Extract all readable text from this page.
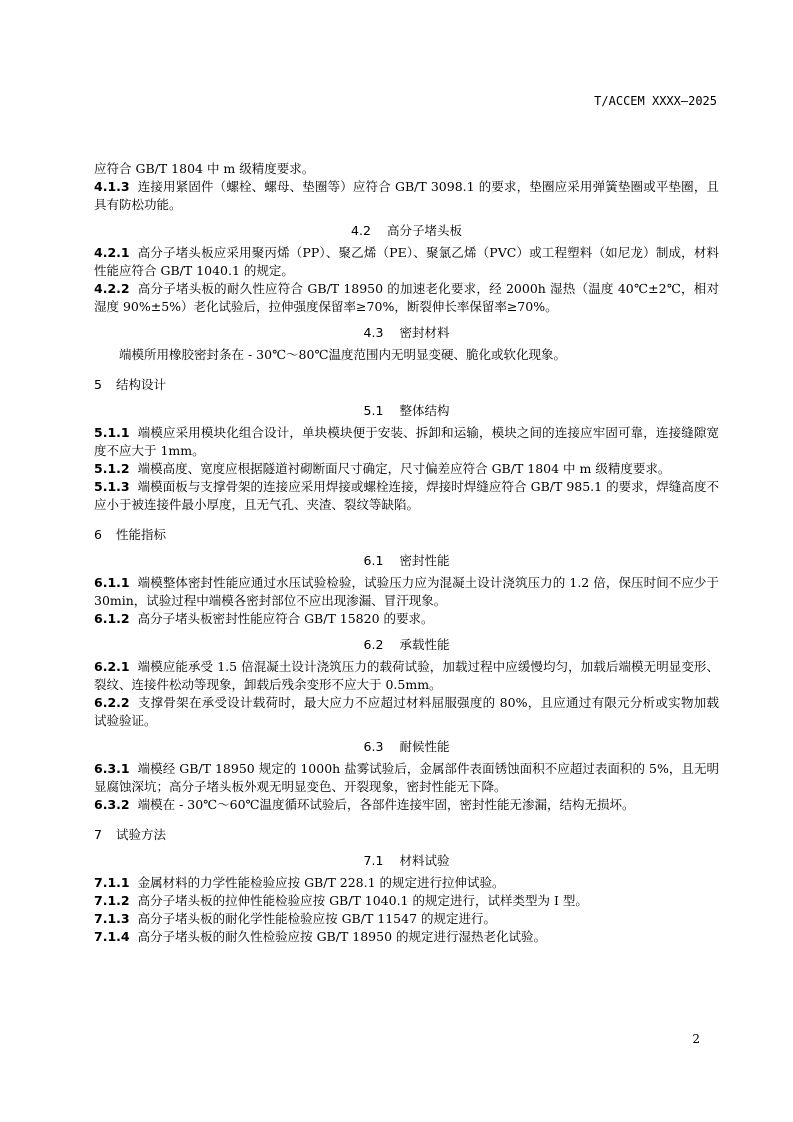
T/ACCEM XXXX—2025
应符合 GB/T 1804 中 m 级精度要求。
4.1.3 连接用紧固件（螺栓、螺母、垫圈等）应符合 GB/T 3098.1 的要求，垫圈应采用弹簧垫圈或平垫圈，且具有防松功能。
4.2 高分子堵头板
4.2.1 高分子堵头板应采用聚丙烯（PP）、聚乙烯（PE）、聚氯乙烯（PVC）或工程塑料（如尼龙）制成，材料性能应符合 GB/T 1040.1 的规定。
4.2.2 高分子堵头板的耐久性应符合 GB/T 18950 的加速老化要求，经 2000h 湿热（温度 40℃±2℃，相对湿度 90%±5%）老化试验后，拉伸强度保留率≥70%，断裂伸长率保留率≥70%。
4.3 密封材料
端模所用橡胶密封条在 - 30℃～80℃温度范围内无明显变硬、脆化或软化现象。
5 结构设计
5.1 整体结构
5.1.1 端模应采用模块化组合设计，单块模块便于安装、拆卸和运输，模块之间的连接应牢固可靠，连接缝隙宽度不应大于 1mm。
5.1.2 端模高度、宽度应根据隧道衬砌断面尺寸确定，尺寸偏差应符合 GB/T 1804 中 m 级精度要求。
5.1.3 端模面板与支撑骨架的连接应采用焊接或螺栓连接，焊接时焊缝应符合 GB/T 985.1 的要求，焊缝高度不应小于被连接件最小厚度，且无气孔、夹渣、裂纹等缺陷。
6 性能指标
6.1 密封性能
6.1.1 端模整体密封性能应通过水压试验检验，试验压力应为混凝土设计浇筑压力的 1.2 倍，保压时间不应少于 30min，试验过程中端模各密封部位不应出现渗漏、冒汗现象。
6.1.2 高分子堵头板密封性能应符合 GB/T 15820 的要求。
6.2 承载性能
6.2.1 端模应能承受 1.5 倍混凝土设计浇筑压力的载荷试验，加载过程中应缓慢均匀，加载后端模无明显变形、裂纹、连接件松动等现象，卸载后残余变形不应大于 0.5mm。
6.2.2 支撑骨架在承受设计载荷时，最大应力不应超过材料屈服强度的 80%，且应通过有限元分析或实物加载试验验证。
6.3 耐候性能
6.3.1 端模经 GB/T 18950 规定的 1000h 盐雾试验后，金属部件表面锈蚀面积不应超过表面积的 5%，且无明显腐蚀深坑；高分子堵头板外观无明显变色、开裂现象，密封性能无下降。
6.3.2 端模在 - 30℃～60℃温度循环试验后，各部件连接牢固，密封性能无渗漏，结构无损坏。
7 试验方法
7.1 材料试验
7.1.1 金属材料的力学性能检验应按 GB/T 228.1 的规定进行拉伸试验。
7.1.2 高分子堵头板的拉伸性能检验应按 GB/T 1040.1 的规定进行，试样类型为 Ⅰ 型。
7.1.3 高分子堵头板的耐化学性能检验应按 GB/T 11547 的规定进行。
7.1.4 高分子堵头板的耐久性检验应按 GB/T 18950 的规定进行湿热老化试验。
2
